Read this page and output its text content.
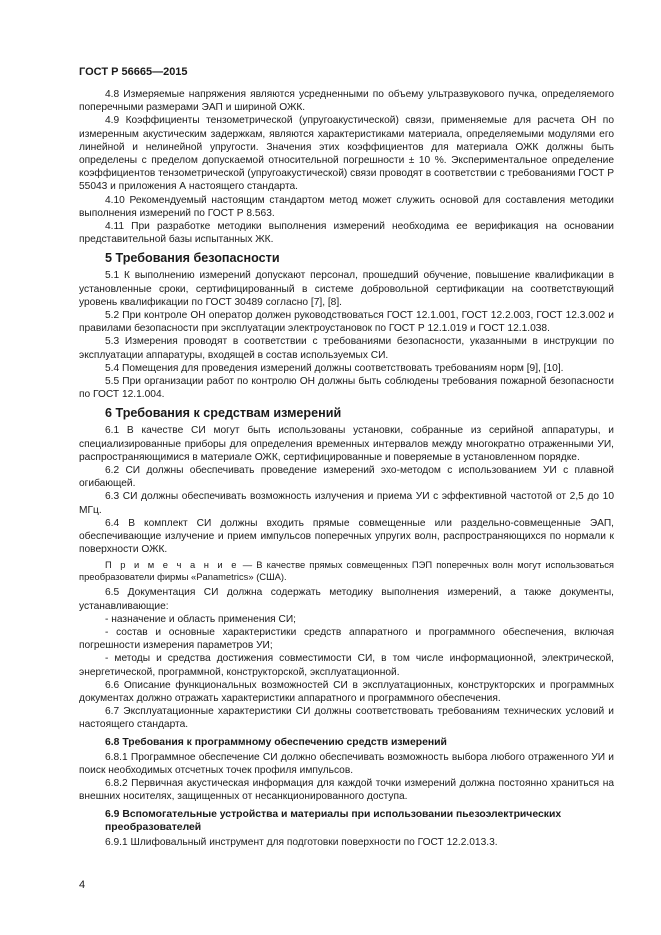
ГОСТ Р 56665—2015

4.8 Измеряемые напряжения являются усредненными по объему ультразвукового пучка, определяемого поперечными размерами ЭАП и шириной ОЖК.

4.9 Коэффициенты тензометрической (упругоакустической) связи, применяемые для расчета ОН по измеренным акустическим задержкам, являются характеристиками материала, определяемыми модулями его линейной и нелинейной упругости. Значения этих коэффициентов для материала ОЖК должны быть определены с пределом допускаемой относительной погрешности ± 10 %. Экспериментальное определение коэффициентов тензометрической (упругоакустической) связи проводят в соответствии с требованиями ГОСТ Р 55043 и приложения А настоящего стандарта.

4.10 Рекомендуемый настоящим стандартом метод может служить основой для составления методики выполнения измерений по ГОСТ Р 8.563.

4.11 При разработке методики выполнения измерений необходима ее верификация на основании представительной базы испытанных ЖК.

5 Требования безопасности

5.1 К выполнению измерений допускают персонал, прошедший обучение, повышение квалификации в установленные сроки, сертифицированный в системе добровольной сертификации на соответствующий уровень квалификации по ГОСТ 30489 согласно [7], [8].

5.2 При контроле ОН оператор должен руководствоваться ГОСТ 12.1.001, ГОСТ 12.2.003, ГОСТ 12.3.002 и правилами безопасности при эксплуатации электроустановок по ГОСТ Р 12.1.019 и ГОСТ 12.1.038.

5.3 Измерения проводят в соответствии с требованиями безопасности, указанными в инструкции по эксплуатации аппаратуры, входящей в состав используемых СИ.

5.4 Помещения для проведения измерений должны соответствовать требованиям норм [9], [10].

5.5 При организации работ по контролю ОН должны быть соблюдены требования пожарной безопасности по ГОСТ 12.1.004.

6 Требования к средствам измерений

6.1 В качестве СИ могут быть использованы установки, собранные из серийной аппаратуры, и специализированные приборы для определения временных интервалов между многократно отраженными УИ, распространяющимися в материале ОЖК, сертифицированные и поверяемые в установленном порядке.

6.2 СИ должны обеспечивать проведение измерений эхо-методом с использованием УИ с плавной огибающей.

6.3 СИ должны обеспечивать возможность излучения и приема УИ с эффективной частотой от 2,5 до 10 МГц.

6.4 В комплект СИ должны входить прямые совмещенные или раздельно-совмещенные ЭАП, обеспечивающие излучение и прием импульсов поперечных упругих волн, распространяющихся по нормали к поверхности ОЖК.

П р и м е ч а н и е — В качестве прямых совмещенных ПЭП поперечных волн могут использоваться преобразователи фирмы «Panametrics» (США).

6.5 Документация СИ должна содержать методику выполнения измерений, а также документы, устанавливающие:

- назначение и область применения СИ;

- состав и основные характеристики средств аппаратного и программного обеспечения, включая погрешности измерения параметров УИ;

- методы и средства достижения совместимости СИ, в том числе информационной, электрической, энергетической, программной, конструкторской, эксплуатационной.

6.6 Описание функциональных возможностей СИ в эксплуатационных, конструкторских и программных документах должно отражать характеристики аппаратного и программного обеспечения.

6.7 Эксплуатационные характеристики СИ должны соответствовать требованиям технических условий и настоящего стандарта.

6.8 Требования к программному обеспечению средств измерений

6.8.1 Программное обеспечение СИ должно обеспечивать возможность выбора любого отраженного УИ и поиск необходимых отсчетных точек профиля импульсов.

6.8.2 Первичная акустическая информация для каждой точки измерений должна постоянно храниться на внешних носителях, защищенных от несанкционированного доступа.

6.9 Вспомогательные устройства и материалы при использовании пьезоэлектрических преобразователей

6.9.1 Шлифовальный инструмент для подготовки поверхности по ГОСТ 12.2.013.3.

4
